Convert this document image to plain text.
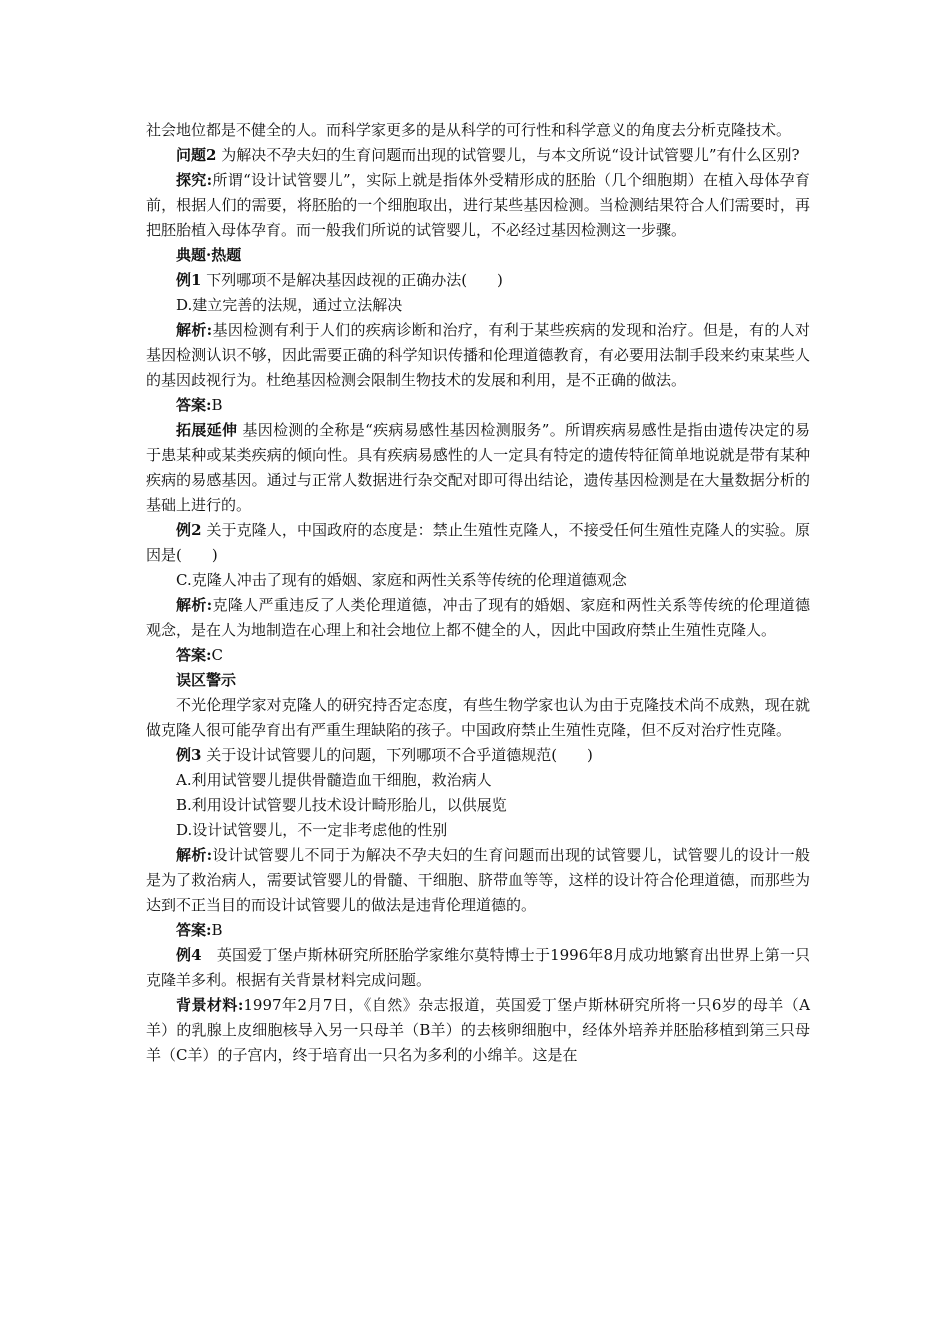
社会地位都是不健全的人。而科学家更多的是从科学的可行性和科学意义的角度去分析克隆技术。

问题2 为解决不孕夫妇的生育问题而出现的试管婴儿，与本文所说“设计试管婴儿”有什么区别?

探究:所谓“设计试管婴儿”，实际上就是指体外受精形成的胚胎（几个细胞期）在植入母体孕育前，根据人们的需要，将胚胎的一个细胞取出，进行某些基因检测。当检测结果符合人们需要时，再把胚胎植入母体孕育。而一般我们所说的试管婴儿，不必经过基因检测这一步骤。

典题·热题

例1 下列哪项不是解决基因歧视的正确办法(　　)

D.建立完善的法规，通过立法解决

解析:基因检测有利于人们的疾病诊断和治疗，有利于某些疾病的发现和治疗。但是，有的人对基因检测认识不够，因此需要正确的科学知识传播和伦理道德教育，有必要用法制手段来约束某些人的基因歧视行为。杜绝基因检测会限制生物技术的发展和利用，是不正确的做法。

答案:B

拓展延伸 基因检测的全称是“疾病易感性基因检测服务”。所谓疾病易感性是指由遗传决定的易于患某种或某类疾病的倾向性。具有疾病易感性的人一定具有特定的遗传特征简单地说就是带有某种疾病的易感基因。通过与正常人数据进行杂交配对即可得出结论，遗传基因检测是在大量数据分析的基础上进行的。

例2 关于克隆人，中国政府的态度是：禁止生殖性克隆人，不接受任何生殖性克隆人的实验。原因是(　　)

C.克隆人冲击了现有的婚姻、家庭和两性关系等传统的伦理道德观念

解析:克隆人严重违反了人类伦理道德，冲击了现有的婚姻、家庭和两性关系等传统的伦理道德观念，是在人为地制造在心理上和社会地位上都不健全的人，因此中国政府禁止生殖性克隆人。

答案:C

误区警示

不光伦理学家对克隆人的研究持否定态度，有些生物学家也认为由于克隆技术尚不成熟，现在就做克隆人很可能孕育出有严重生理缺陷的孩子。中国政府禁止生殖性克隆，但不反对治疗性克隆。

例3 关于设计试管婴儿的问题，下列哪项不合乎道德规范(　　)

A.利用试管婴儿提供骨髓造血干细胞，救治病人

B.利用设计试管婴儿技术设计畸形胎儿，以供展览

D.设计试管婴儿，不一定非考虑他的性别

解析:设计试管婴儿不同于为解决不孕夫妇的生育问题而出现的试管婴儿，试管婴儿的设计一般是为了救治病人，需要试管婴儿的骨髓、干细胞、脐带血等等，这样的设计符合伦理道德，而那些为达到不正当目的而设计试管婴儿的做法是违背伦理道德的。

答案:B

例4　英国爱丁堡卢斯林研究所胚胎学家维尔莫特博士于1996年8月成功地繁育出世界上第一只克隆羊多利。根据有关背景材料完成问题。

背景材料:1997年2月7日，《自然》杂志报道，英国爱丁堡卢斯林研究所将一只6岁的母羊（A羊）的乳腺上皮细胞核导入另一只母羊（B羊）的去核卵细胞中，经体外培养并胚胎移植到第三只母羊（C羊）的子宫内，终于培育出一只名为多利的小绵羊。这是在
